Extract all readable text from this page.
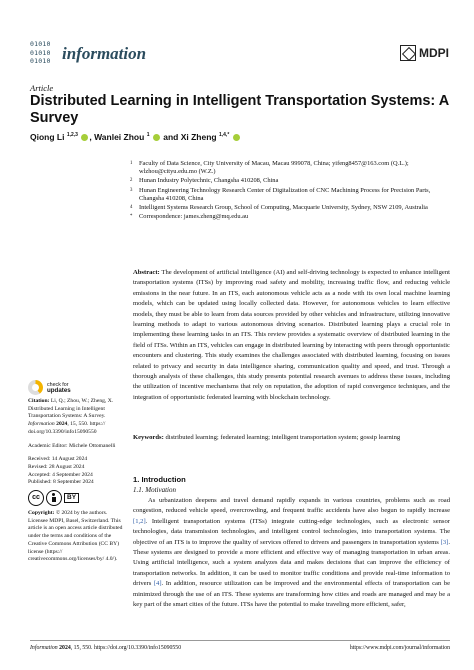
01010
01010
01010 information	MDPI
Article
Distributed Learning in Intelligent Transportation Systems: A Survey
Qiong Li $^{1,2,3}$ , Wanlei Zhou $^1$ and Xi Zheng $^{1,4,*}$
1	Faculty of Data Science, City University of Macau, Macau 999078, China; yifeng8457@163.com (Q.L.); wlzhou@cityu.edu.mo (W.Z.)
2	Hunan Industry Polytechnic, Changsha 410208, China
3	Hunan Engineering Technology Research Center of Digitalization of CNC Machining Process for Precision Parts, Changsha 410208, China
4	Intelligent Systems Research Group, School of Computing, Macquarie University, Sydney, NSW 2109, Australia
*	Correspondence: james.zheng@mq.edu.au
Abstract: The development of artificial intelligence (AI) and self-driving technology is expected to enhance intelligent transportation systems (ITSs) by improving road safety and mobility, increasing traffic flow, and reducing vehicle emissions in the near future. In an ITS, each autonomous vehicle acts as a node with its own local machine learning models, which can be updated using locally collected data. However, for autonomous vehicles to learn effective models, they must be able to learn from data sources provided by other vehicles and infrastructure, utilizing innovative learning methods to adapt to various autonomous driving scenarios. Distributed learning plays a crucial role in implementing these learning tasks in an ITS. This review provides a systematic overview of distributed learning in the field of ITSs. Within an ITS, vehicles can engage in distributed learning by interacting with peers through opportunistic encounters and clustering. This study examines the challenges associated with distributed learning, focusing on issues related to privacy and security in data intelligence sharing, communication quality and speed, and trust. Through a thorough analysis of these challenges, this study presents potential research avenues to address these issues, including the utilization of incentive mechanisms that rely on reputation, the adoption of rapid convergence techniques, and the integration of opportunistic federated learning with blockchain technology.
Keywords: distributed learning; federated learning; intelligent transportation system; gossip learning
check for
updates
Citation: Li, Q.; Zhou, W.; Zheng, X. Distributed Learning in Intelligent Transportation Systems: A Survey. Information 2024, 15, 550. https:// doi.org/10.3390/info15090550
Academic Editor: Michele Ottomanelli
Received: 14 August 2024
Revised: 28 August 2024
Accepted: 4 September 2024
Published: 8 September 2024
cc	BY
Copyright: © 2024 by the authors. Licensee MDPI, Basel, Switzerland. This article is an open access article distributed under the terms and conditions of the Creative Commons Attribution (CC BY) license (https:// creativecommons.org/licenses/by/ 4.0/).
1. Introduction
1.1. Motivation
As urbanization deepens and travel demand rapidly expands in various countries, problems such as road congestion, reduced vehicle speed, overcrowding, and frequent traffic accidents have also begun to rapidly increase [1,2]. Intelligent transportation systems (ITSs) integrate cutting-edge technologies, such as electronic sensor technologies, data transmission technologies, and intelligent control technologies, into transportation systems. The objective of an ITS is to improve the quality of services offered to drivers and passengers in transportation systems [3]. These systems are designed to provide a more efficient and effective way of managing transportation in urban areas. Using artificial intelligence, such a system analyzes data and makes decisions that can improve the efficiency of transportation networks. In addition, it can be used to monitor traffic conditions and provide real-time information to drivers [4]. In addition, resource utilization can be improved and the environmental effects of transportation can be minimized through the use of an ITS. These systems are transforming how cities and roads are managed and may be a key part of the smart cities of the future. ITSs have the potential to make traveling more efficient, safer,
Information 2024, 15, 550. https://doi.org/10.3390/info15090550	https://www.mdpi.com/journal/information
